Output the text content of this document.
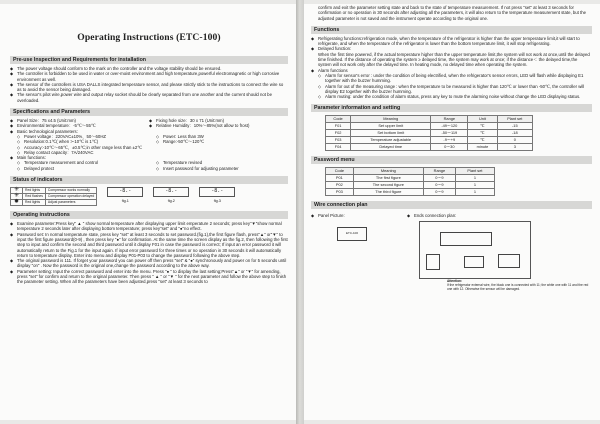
Operating Instructions (ETC-100)
Pre-use Inspection and Requirements for installation
◆ The power voltage should conform to the mark on the controller and the voltage stability should be ensured.
◆ The controller is forbidden to be used in water or over-moist environment and high temperature,powerful electromagnetic or high corrosive environment as well.
◆ The sensor of the controllers is USA DALLS integrated temperature sensor, and please strictly stick to the instructions to connect the wire so as to avoid the sensor being damaged.
◆ The sensor's pilot wire,power wire and output relay socket should be clearly separated from one another and the current should not be overloaded.
Specifications and Parameters
◆ Panel Size：75 x4.5 (Unit:mm)	◆ Fixing hole size：30 x 71 (Unit:mm)
◆ Environmental temperature：-5℃～55℃	◆ Relative Humidity：10%～85%(not allow to frost)
◆ Basic technological parameters:
◇ Power voltage：220VAC±10%、50～60HZ	◇ Power: Less than 3W
◇ Resolution:0.1℃( when >-10℃ is 1℃)	◇ Range:-50℃～120℃
◇ Accuracy:-10℃～65℃，±0.5℃;in other range less than ±2℃
◇ Relay contact capacity：7A/240VAC
◆ Main functions:
◇ Temperature measurement and control	◇ Temperature revised
◇ Delayed protect	◇ Insert password for adjusting parameter
Status of indicators
✳	Red lights	Compressor works normally
✳	Red flashes	Compressor operation delayed
✹	Red lights	Adjust parameters
-8.-	-8.-	-8.-
fig.1	fig.2	fig.3
Operating instructions
◆ Examine parameter:Press key" ▲ " show normal temperature after displaying upper limit emperature 2 seconds; press key"▼"show normal temperature 2 seconds later after displaying bottom temperature; press key"set" and "●"no effect.
◆ Password set: In normal temperature state, press key "set" at least 3 seconds to set password.(fig.1),the first figure flash, press"▲" or"▼" to input the first figure password(0-9) , then press key "●" for confirmation. At the same time the screen display as the fig.2, then following the first step to input and confirm the second and third password until it display F01 in case the password is correct; If input an error password it will automatically return to the Fig.1 for the input again. If input error password for three times or no operation in 30 seconds it will automatically return to temperature display. Enter into menu and display P01-P03 to change the password following the above step.
◆ The original password is 111. If forget your password you can power off then press "set" & "●" synchronously and power on for 5 seconds until display "on" . Now the password is the original one,change the password according to the above way.
◆ Parameter setting: Input the correct password and enter into the menu. Press "● " to display the last setting;Press"▲" or "▼" for amending, press "set" for confirm and return to the original parameter. Then press " ▲ " or "▼ " for the next parameter and follow the above step to finish the parameter setting. When all the parameters have been adjusted,press "set" at least 3 seconds to
confirm and exit the parameter setting state and back to the state of temperature measurement. If not press "set" at least 3 seconds for confirmation or no operation in 30 seconds after adjusting all the parameters, it will also return to the temperature measurement state, but the adjusted parameter is not saved and the instrument operate according to the original one.
Functions
◆ Refrigerating functions:refrigeration mode, when the temperature of the refrigerator is higher than the upper temperature limit,it will start to refrigerate, and when the temperature of the refrigerator is lower than the bottom temperature limit, it will stop refrigerating.
◆ Delayed function:
When the first time powered, if the actual temperature higher than the upper temperature limit,the system will not work at once,until the delayed time finished. If the distance of operating the system ≥ delayed time, the system may work at once; if the distance＜ the delayed time,the system will not work only after the delayed time. In heating mode, no delayed time when operating the system.
◆ Alarm functions
◇ Alarm for sensor's error : under the condition of being electrified, when the refrigerator's sensor errors, LED will flash while displaying E1 together with the buzzer humming.
◇ Alarm for out of the measuring range : when the temperature to be measured is higher than 120℃ or lower than -50℃, the controller will display E2 together with the buzzer humming.
◇ Alarm muting: under the condition of alarm status, press any key to mute the alarming noise without change the LED displaying status.
Parameter information and setting
Code	Meaning	Range	Unit	Plant set
F01	Set upper limit	-49～120	℃	-15
F02	Set bottom limit	-50～119	℃	-18
F03	Temperature adjustable	-9～+9	℃	0
F04	Delayed time	0～30	minute	3
Password menu
Code	Meaning	Range	Plant set
P01	The first figure	0～9	1
P02	The second figure	0～9	1
P03	The third figure	0～9	1
Wire connection plan
◆ Panel Picture:
ETC-100
◆ Ends connection plan:
Attention:
If the refrigerator external wire, the black one is connected with 11; the white one with 11 and the red one with 12. Otherwise the sensor will be damaged.
